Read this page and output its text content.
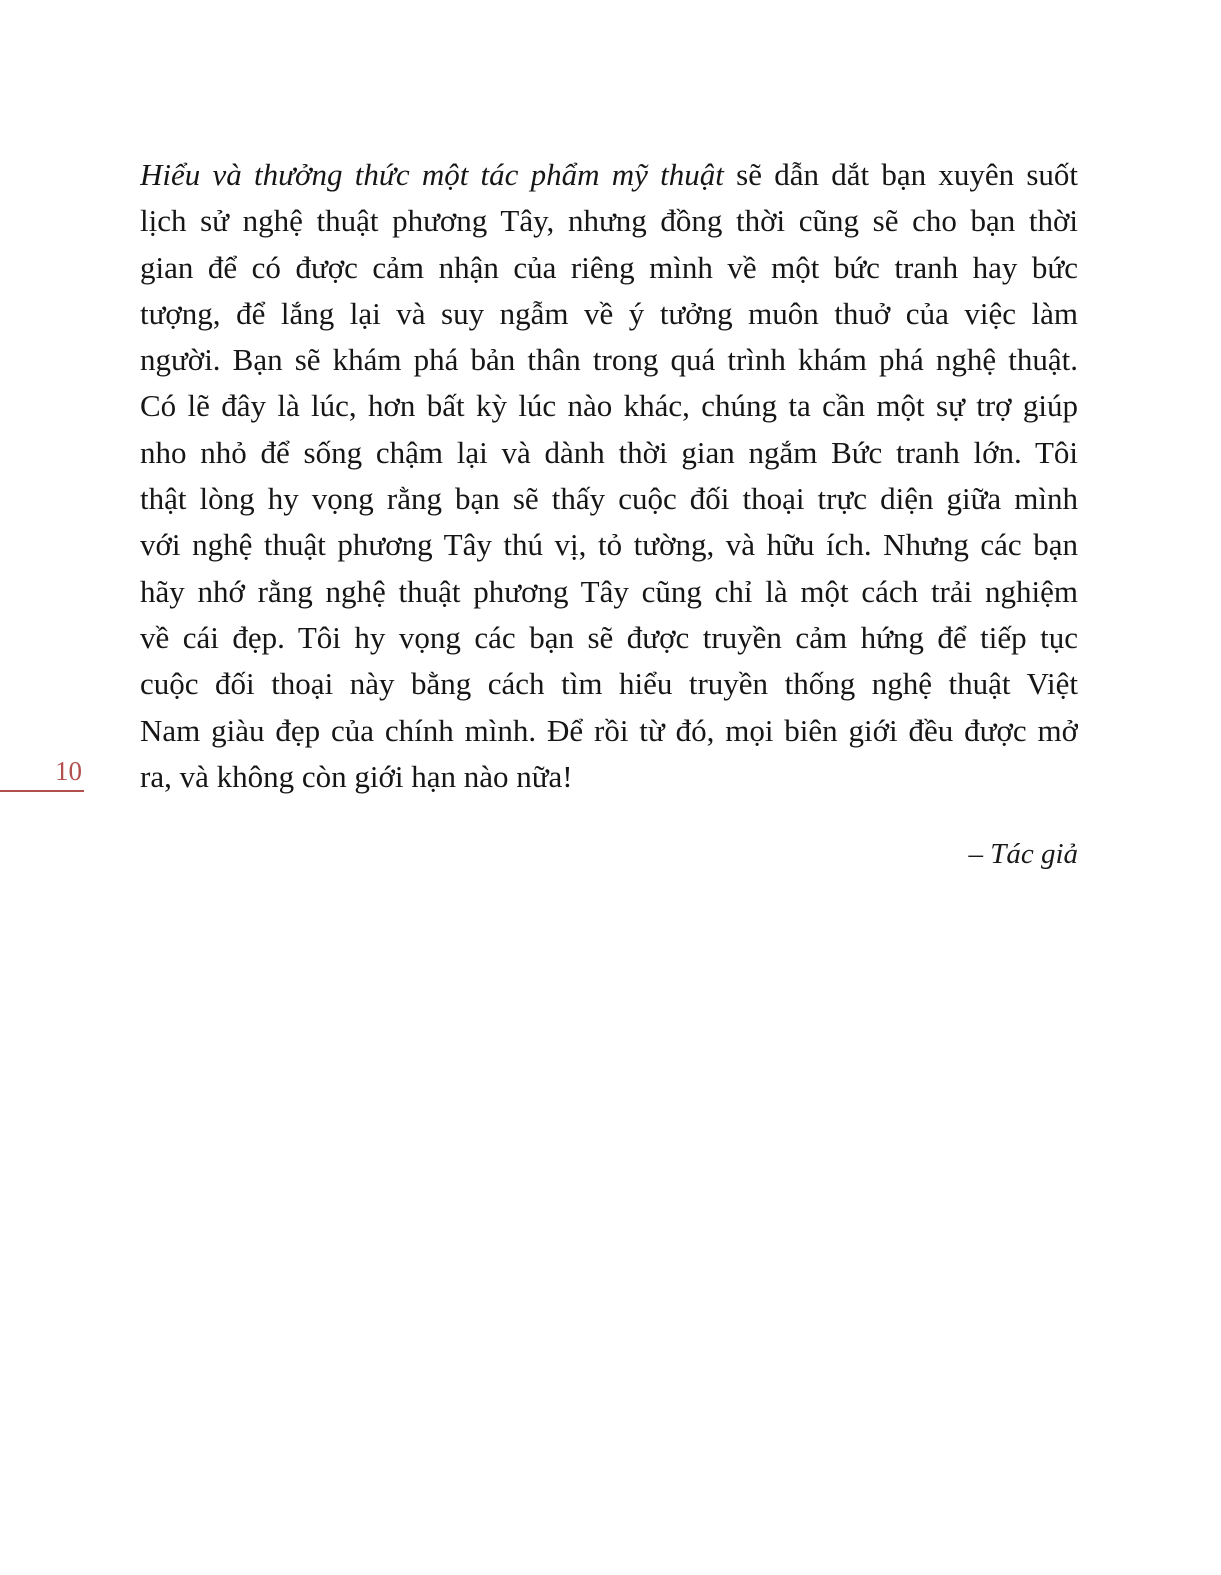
10
Hiểu và thưởng thức một tác phẩm mỹ thuật sẽ dẫn dắt bạn xuyên suốt
lịch sử nghệ thuật phương Tây, nhưng đồng thời cũng sẽ cho bạn thời
gian để có được cảm nhận của riêng mình về một bức tranh hay bức
tượng, để lắng lại và suy ngẫm về ý tưởng muôn thuở của việc làm
người. Bạn sẽ khám phá bản thân trong quá trình khám phá nghệ thuật.
Có lẽ đây là lúc, hơn bất kỳ lúc nào khác, chúng ta cần một sự trợ giúp
nho nhỏ để sống chậm lại và dành thời gian ngắm Bức tranh lớn. Tôi
thật lòng hy vọng rằng bạn sẽ thấy cuộc đối thoại trực diện giữa mình
với nghệ thuật phương Tây thú vị, tỏ tường, và hữu ích. Nhưng các bạn
hãy nhớ rằng nghệ thuật phương Tây cũng chỉ là một cách trải nghiệm
về cái đẹp. Tôi hy vọng các bạn sẽ được truyền cảm hứng để tiếp tục
cuộc đối thoại này bằng cách tìm hiểu truyền thống nghệ thuật Việt
Nam giàu đẹp của chính mình. Để rồi từ đó, mọi biên giới đều được mở
ra, và không còn giới hạn nào nữa!
– Tác giả
